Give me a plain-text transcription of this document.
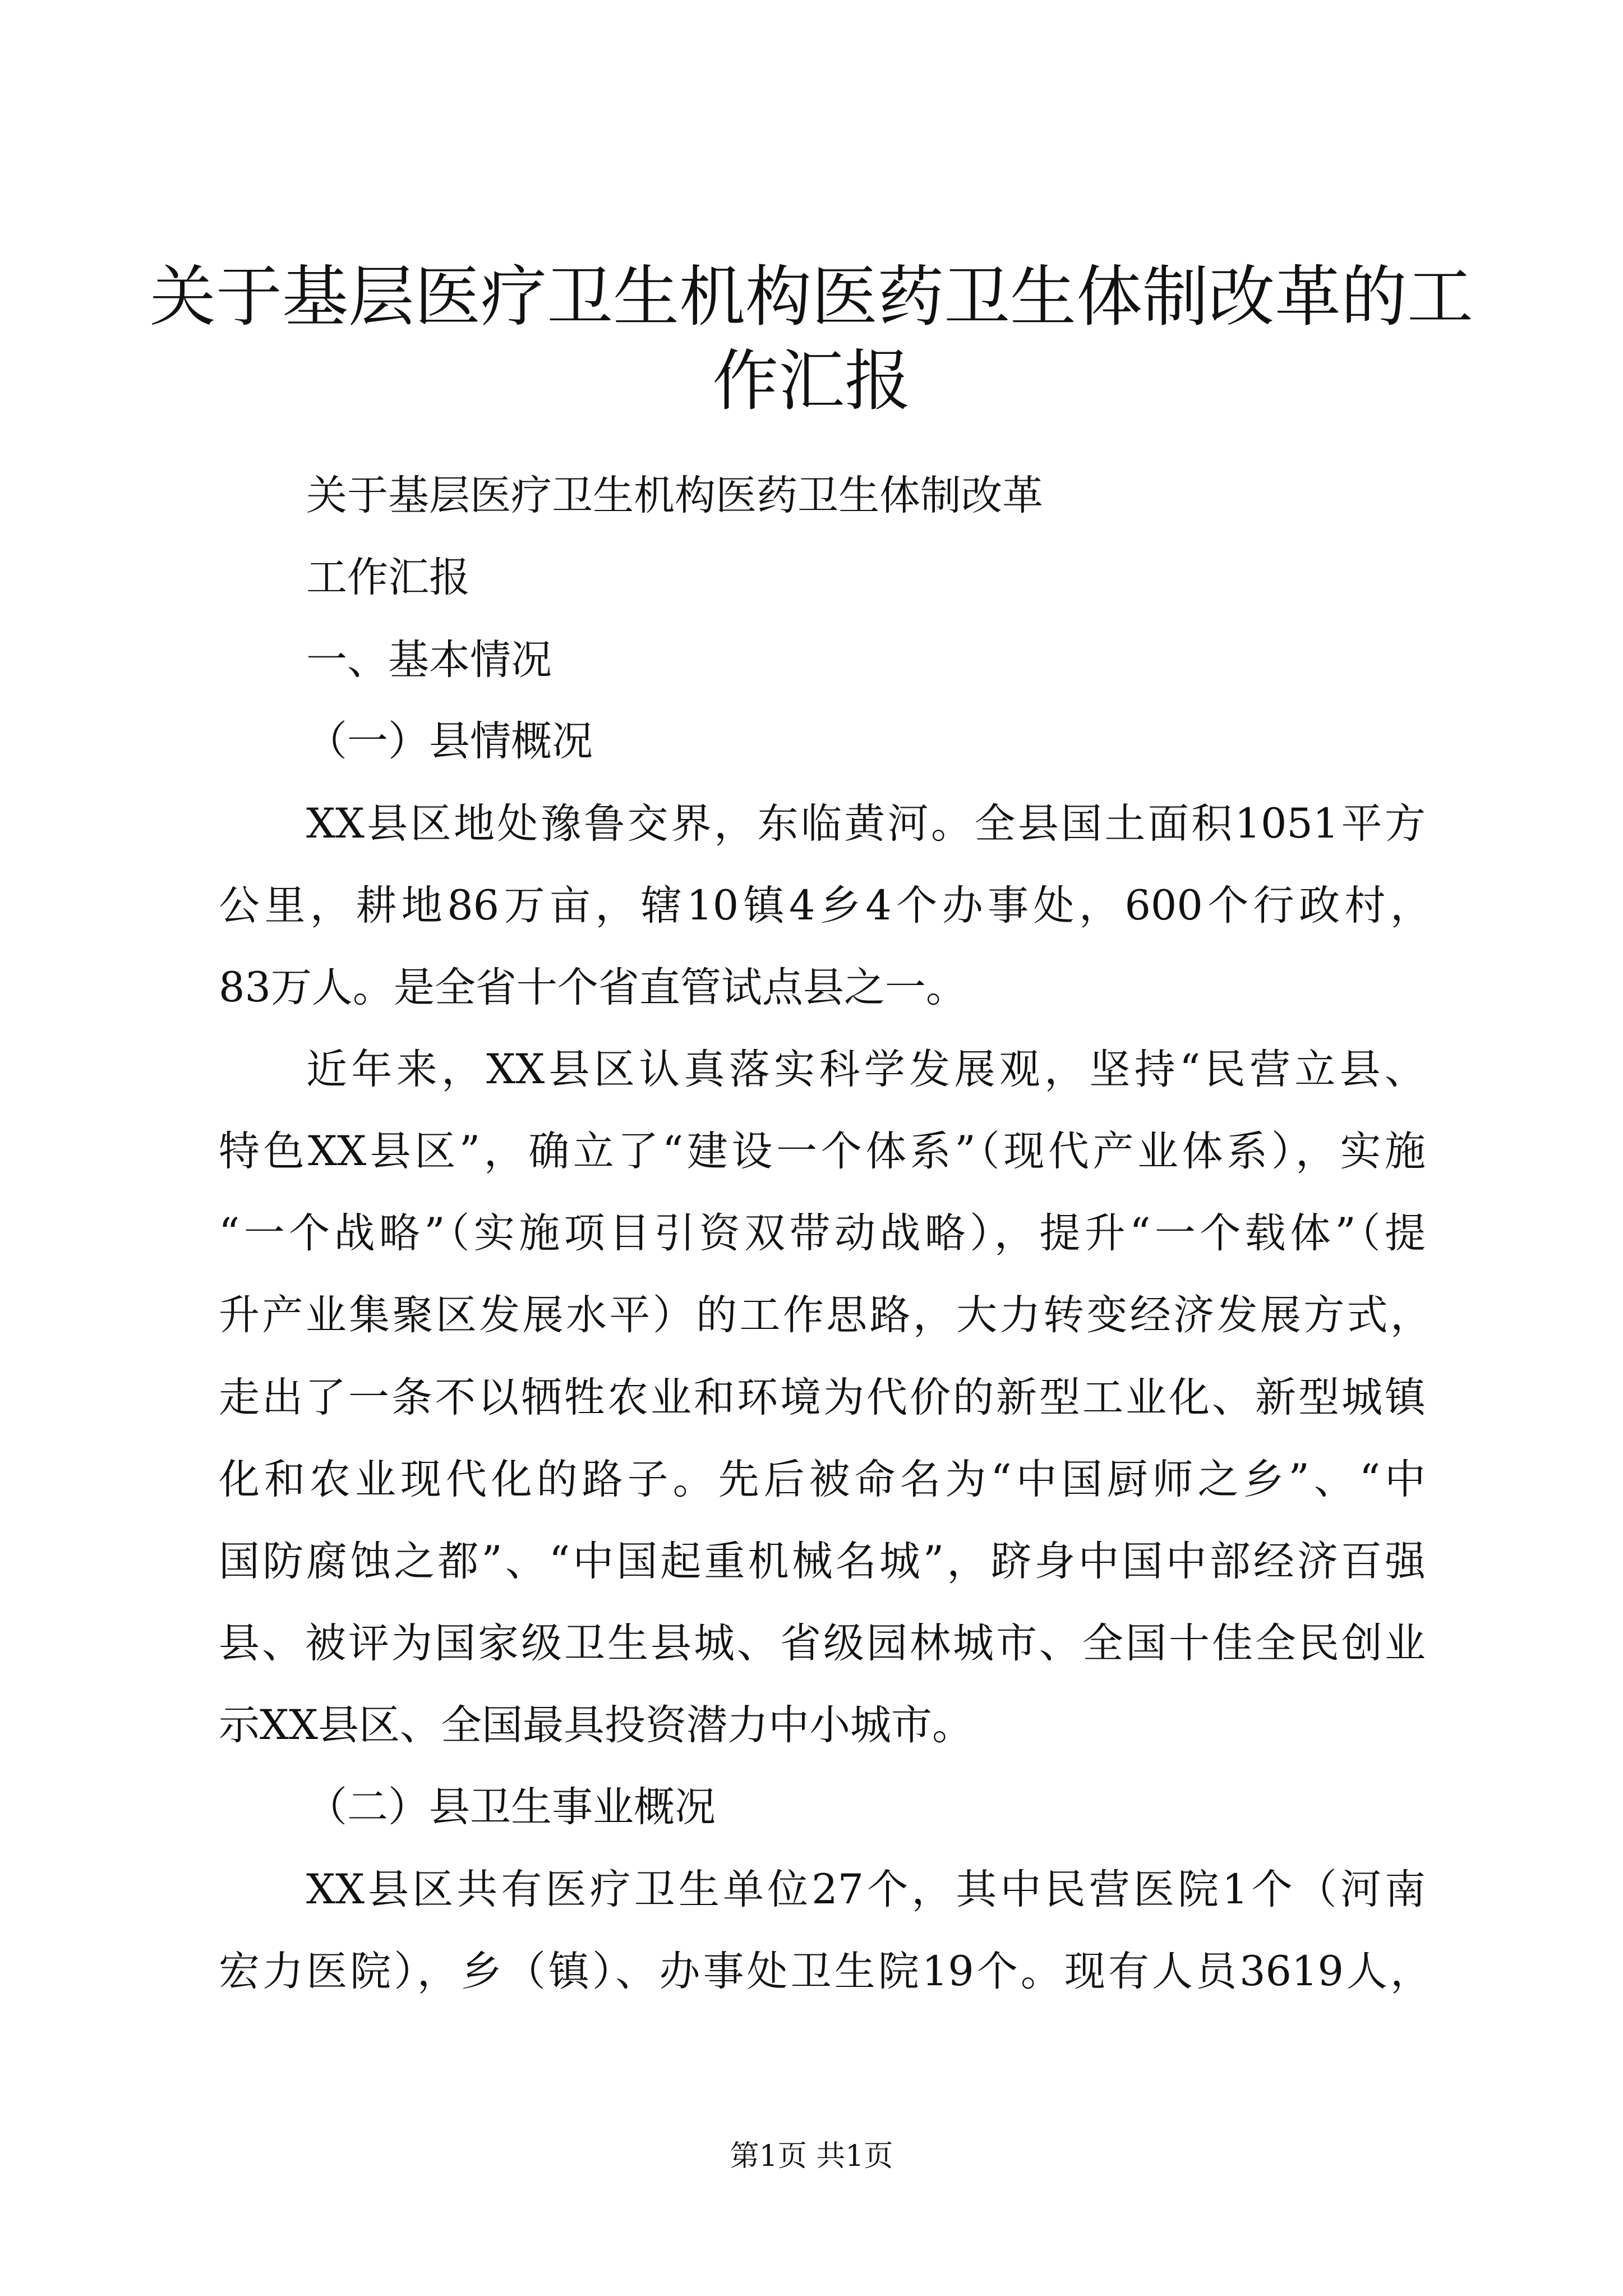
关于基层医疗卫生机构医药卫生体制改革的工
作汇报
关于基层医疗卫生机构医药卫生体制改革
工作汇报
一、基本情况
（一）县情概况
XX县区地处豫鲁交界，东临黄河。全县国土面积1051平方
公里，耕地86万亩，辖10镇4乡4个办事处，600个行政村，
83万人。是全省十个省直管试点县之一。
近年来，XX县区认真落实科学发展观，坚持“民营立县、
特色XX县区”，确立了“建设一个体系”（现代产业体系），实施
“一个战略”（实施项目引资双带动战略），提升“一个载体”（提
升产业集聚区发展水平）的工作思路，大力转变经济发展方式，
走出了一条不以牺牲农业和环境为代价的新型工业化、新型城镇
化和农业现代化的路子。先后被命名为“中国厨师之乡”、“中
国防腐蚀之都”、“中国起重机械名城”，跻身中国中部经济百强
县、被评为国家级卫生县城、省级园林城市、全国十佳全民创业
示XX县区、全国最具投资潜力中小城市。
（二）县卫生事业概况
XX县区共有医疗卫生单位27个，其中民营医院1个（河南
宏力医院），乡（镇）、办事处卫生院19个。现有人员3619人，
第1页 共1页
